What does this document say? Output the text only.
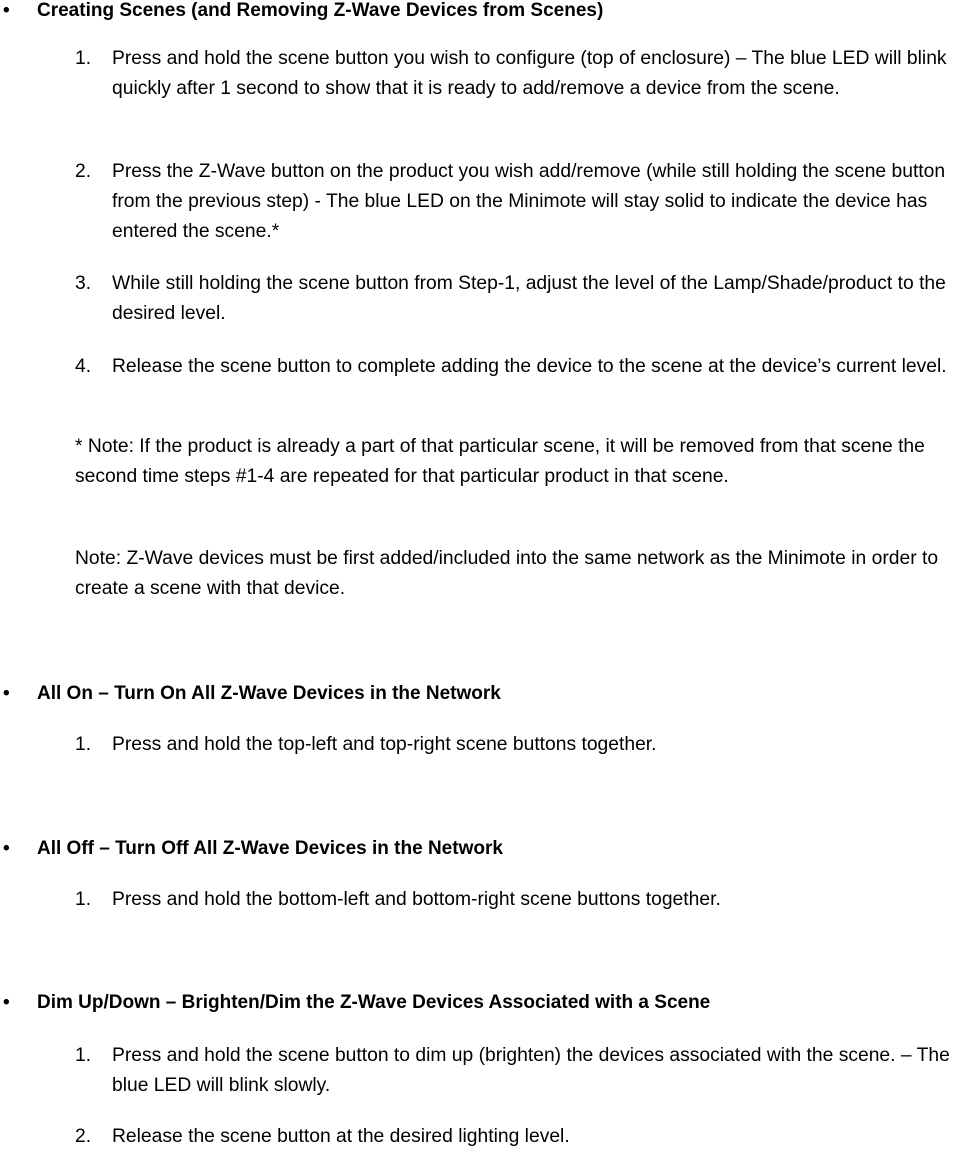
• Creating Scenes (and Removing Z-Wave Devices from Scenes)
1. Press and hold the scene button you wish to configure (top of enclosure) – The blue LED will blink quickly after 1 second to show that it is ready to add/remove a device from the scene.
2. Press the Z-Wave button on the product you wish add/remove (while still holding the scene button from the previous step) - The blue LED on the Minimote will stay solid to indicate the device has entered the scene.*
3. While still holding the scene button from Step-1, adjust the level of the Lamp/Shade/product to the desired level.
4. Release the scene button to complete adding the device to the scene at the device’s current level.
* Note: If the product is already a part of that particular scene, it will be removed from that scene the second time steps #1-4 are repeated for that particular product in that scene.
Note: Z-Wave devices must be first added/included into the same network as the Minimote in order to create a scene with that device.
• All On – Turn On All Z-Wave Devices in the Network
1. Press and hold the top-left and top-right scene buttons together.
• All Off – Turn Off All Z-Wave Devices in the Network
1. Press and hold the bottom-left and bottom-right scene buttons together.
• Dim Up/Down – Brighten/Dim the Z-Wave Devices Associated with a Scene
1. Press and hold the scene button to dim up (brighten) the devices associated with the scene. – The blue LED will blink slowly.
2. Release the scene button at the desired lighting level.
